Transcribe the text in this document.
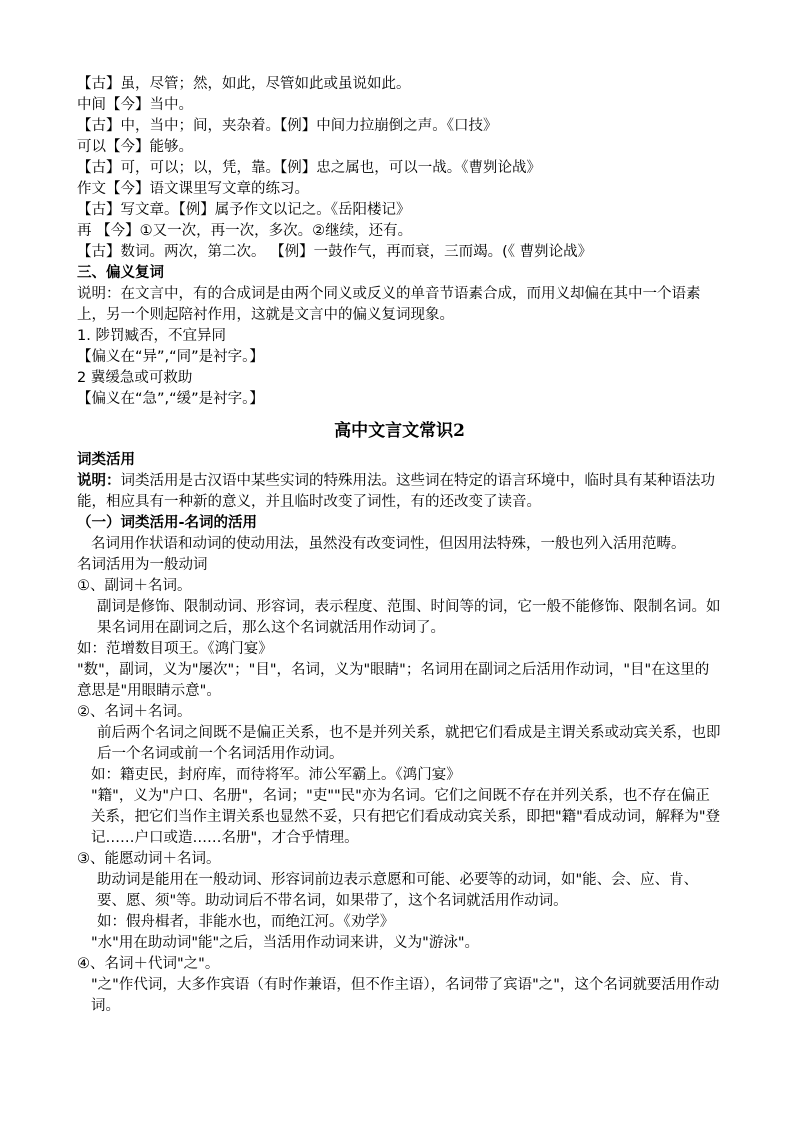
【古】虽，尽管；然，如此，尽管如此或虽说如此。
中间【今】当中。
【古】中，当中；间，夹杂着。【例】中间力拉崩倒之声。《口技》
可以【今】能够。
【古】可，可以；以，凭，靠。【例】忠之属也，可以一战。《曹刿论战》
作文【今】语文课里写文章的练习。
【古】写文章。【例】属予作文以记之。《岳阳楼记》
再 【今】①又一次，再一次，多次。②继续，还有。
【古】数词。两次，第二次。 【例】一鼓作气，再而衰，三而竭。(《 曹刿论战》
三、偏义复词
说明：在文言中，有的合成词是由两个同义或反义的单音节语素合成，而用义却偏在其中一个语素上，另一个则起陪衬作用，这就是文言中的偏义复词现象。
1. 陟罚臧否，不宜异同
【偏义在“异”,“同”是衬字。】
2 冀缓急或可救助
【偏义在“急”,“缓”是衬字。】
高中文言文常识2
词类活用
说明：词类活用是古汉语中某些实词的特殊用法。这些词在特定的语言环境中，临时具有某种语法功能，相应具有一种新的意义，并且临时改变了词性，有的还改变了读音。
（一）词类活用-名词的活用
名词用作状语和动词的使动用法，虽然没有改变词性，但因用法特殊，一般也列入活用范畴。
名词活用为一般动词
①、副词＋名词。
副词是修饰、限制动词、形容词，表示程度、范围、时间等的词，它一般不能修饰、限制名词。如果名词用在副词之后，那么这个名词就活用作动词了。
如：范增数目项王。《鸿门宴》
"数"，副词，义为"屡次"；"目"，名词，义为"眼睛"；名词用在副词之后活用作动词，"目"在这里的意思是"用眼睛示意"。
②、名词＋名词。
前后两个名词之间既不是偏正关系，也不是并列关系，就把它们看成是主谓关系或动宾关系，也即后一个名词或前一个名词活用作动词。
如：籍吏民，封府库，而待将军。沛公军霸上。《鸿门宴》
"籍"，义为"户口、名册"，名词；"吏""民"亦为名词。它们之间既不存在并列关系，也不存在偏正关系，把它们当作主谓关系也显然不妥，只有把它们看成动宾关系，即把"籍"看成动词，解释为"登记……户口或造……名册"，才合乎情理。
③、能愿动词＋名词。
助动词是能用在一般动词、形容词前边表示意愿和可能、必要等的动词，如"能、会、应、肯、要、愿、须"等。助动词后不带名词，如果带了，这个名词就活用作动词。
如：假舟楫者，非能水也，而绝江河。《劝学》
"水"用在助动词"能"之后，当活用作动词来讲，义为"游泳"。
④、名词＋代词"之"。
"之"作代词，大多作宾语（有时作兼语，但不作主语），名词带了宾语"之"，这个名词就要活用作动词。
